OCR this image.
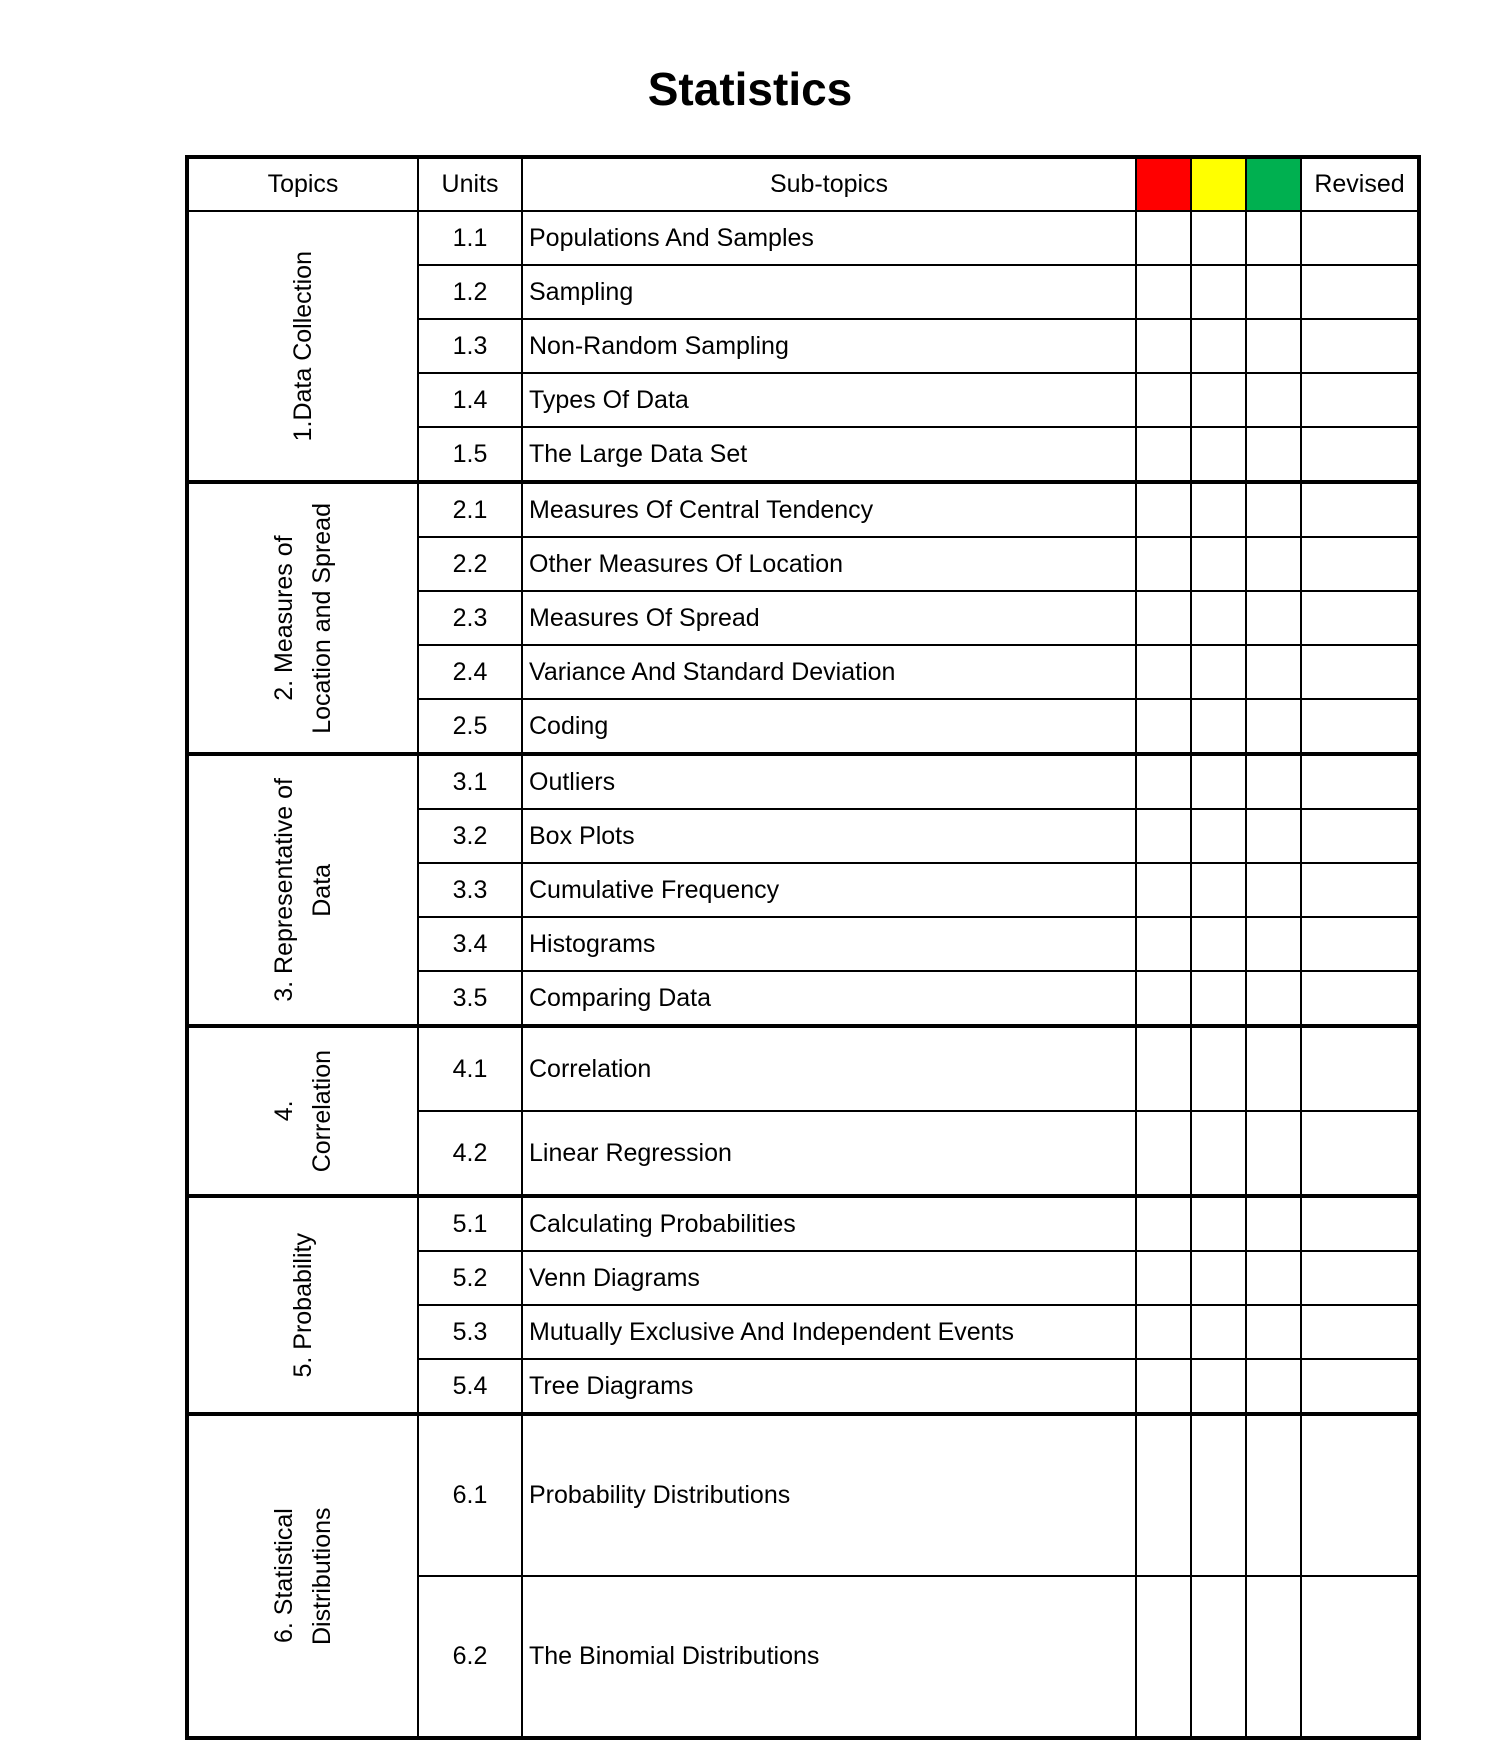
Statistics
Topics	Units	Sub-topics				Revised

1.Data Collection	1.1	Populations And Samples				
	1.2	Sampling				
	1.3	Non-Random Sampling				
	1.4	Types Of Data				
	1.5	The Large Data Set				

2. Measures of
Location and Spread	2.1	Measures Of Central Tendency				
	2.2	Other Measures Of Location				
	2.3	Measures Of Spread				
	2.4	Variance And Standard Deviation				
	2.5	Coding				

3. Representative of
Data	3.1	Outliers				
	3.2	Box Plots				
	3.3	Cumulative Frequency				
	3.4	Histograms				
	3.5	Comparing Data				

4.
Correlation	4.1	Correlation				
	4.2	Linear Regression				

5. Probability	5.1	Calculating Probabilities				
	5.2	Venn Diagrams				
	5.3	Mutually Exclusive And Independent Events				
	5.4	Tree Diagrams				

6. Statistical
Distributions	6.1	Probability Distributions				
	6.2	The Binomial Distributions				
